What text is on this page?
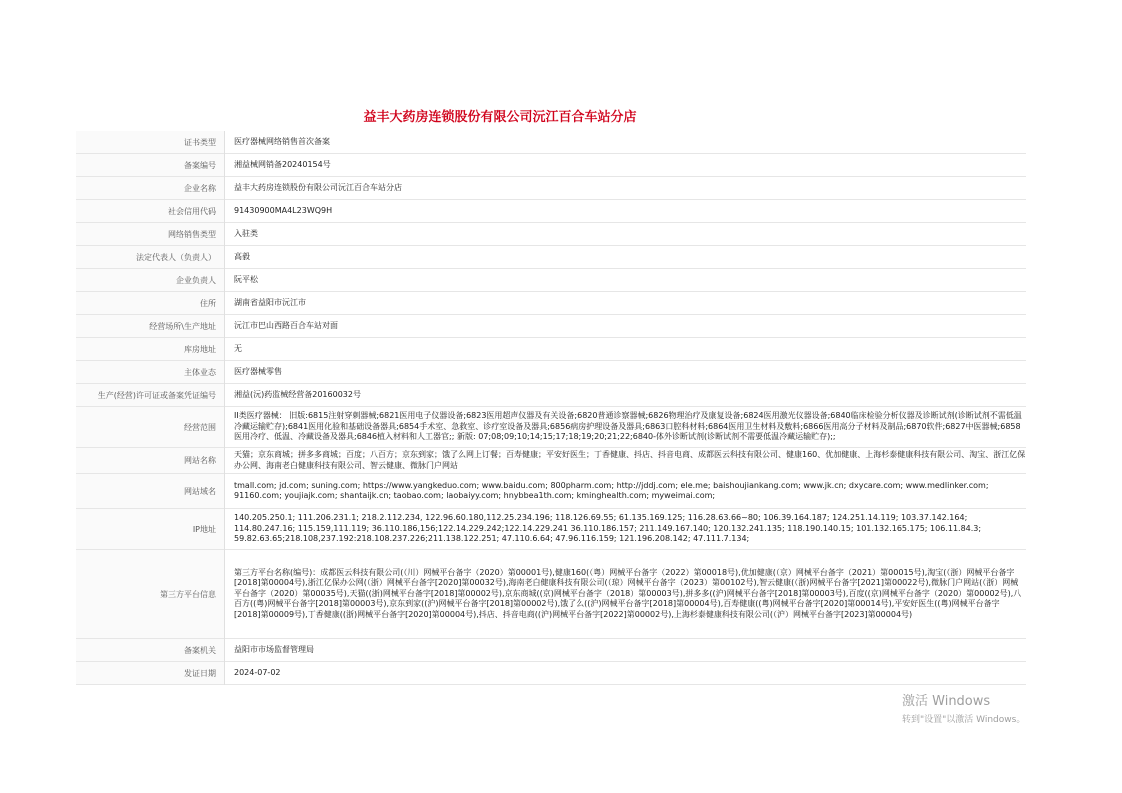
益丰大药房连锁股份有限公司沅江百合车站分店
证书类型	医疗器械网络销售首次备案
备案编号	湘益械网销备20240154号
企业名称	益丰大药房连锁股份有限公司沅江百合车站分店
社会信用代码	91430900MA4L23WQ9H
网络销售类型	入驻类
法定代表人（负责人）	高毅
企业负责人	阮平松
住所	湖南省益阳市沅江市
经营场所\生产地址	沅江市巴山西路百合车站对面
库房地址	无
主体业态	医疗器械零售
生产(经营)许可证或备案凭证编号	湘益(沅)药监械经营备20160032号
经营范围	II类医疗器械： 旧版:6815注射穿刺器械;6821医用电子仪器设备;6823医用超声仪器及有关设备;6820普通诊察器械;6826物理治疗及康复设备;6824医用激光仪器设备;6840临床检验分析仪器及诊断试剂(诊断试剂不需低温冷藏运输贮存);6841医用化验和基础设备器具;6854手术室、急救室、诊疗室设备及器具;6856病房护理设备及器具;6863口腔科材料;6864医用卫生材料及敷料;6866医用高分子材料及制品;6870软件;6827中医器械;6858医用冷疗、低温、冷藏设备及器具;6846植入材料和人工器官;; 新版: 07;08;09;10;14;15;17;18;19;20;21;22;6840-体外诊断试剂(诊断试剂不需要低温冷藏运输贮存);;
网站名称	天猫；京东商城；拼多多商城；百度；八百方；京东到家；饿了么网上订餐；百寿健康；平安好医生；丁香健康、抖店、抖音电商、成都医云科技有限公司、健康160、优加健康、上海杉泰健康科技有限公司、淘宝、浙江亿保办公网、海南老白健康科技有限公司、智云健康、微脉门户网站
网站域名	tmall.com; jd.com; suning.com; https://www.yangkeduo.com; www.baidu.com; 800pharm.com; http://jddj.com; ele.me; baishoujiankang.com; www.jk.cn; dxycare.com; www.medlinker.com; 91160.com; youjiajk.com; shantaijk.cn; taobao.com; laobaiyy.com; hnybbea1th.com; kminghealth.com; myweimai.com;
IP地址	140.205.250.1; 111.206.231.1; 218.2.112.234, 122.96.60.180,112.25.234.196; 118.126.69.55; 61.135.169.125; 116.28.63.66~80; 106.39.164.187; 124.251.14.119; 103.37.142.164; 114.80.247.16; 115.159,111.119; 36.110.186,156;122.14.229.242;122.14.229.241 36.110.186.157; 211.149.167.140; 120.132.241.135; 118.190.140.15; 101.132.165.175; 106.11.84.3; 59.82.63.65;218.108,237.192:218.108.237.226;211.138.122.251; 47.110.6.64; 47.96.116.159; 121.196.208.142; 47.111.7.134;
第三方平台信息	第三方平台名称(编号)：成都医云科技有限公司(（川）网械平台备字（2020）第00001号),健康160(（粤）网械平台备字（2022）第00018号),优加健康(（京）网械平台备字（2021）第00015号),淘宝(（浙）网械平台备字[2018]第00004号),浙江亿保办公网(（浙）网械平台备字[2020]第00032号),海南老白健康科技有限公司(（琼）网械平台备字（2023）第00102号),智云健康(（浙)网械平台备字[2021]第00022号),微脉门户网站(（浙）网械平台备字（2020）第00035号),天猫((浙)网械平台备字[2018]第00002号),京东商城((京)网械平台备字（2018）第00003号),拼多多((沪)网械平台备字[2018]第00003号),百度((京)网械平台备字（2020）第00002号),八百方((粤)网械平台备字[2018]第00003号),京东到家((沪)网械平台备字[2018]第00002号),饿了么((沪)网械平台备字[2018]第00004号),百寿健康((粤)网械平台备字[2020]第00014号),平安好医生((粤)网械平台备字[2018]第00009号),丁香健康((浙)网械平台备字[2020]第00004号),抖店、抖音电商((沪)网械平台备字[2022]第00002号),上海杉泰健康科技有限公司(（沪）网械平台备字[2023]第00004号)
备案机关	益阳市市场监督管理局
发证日期	2024-07-02
激活 Windows
转到"设置"以激活 Windows。
